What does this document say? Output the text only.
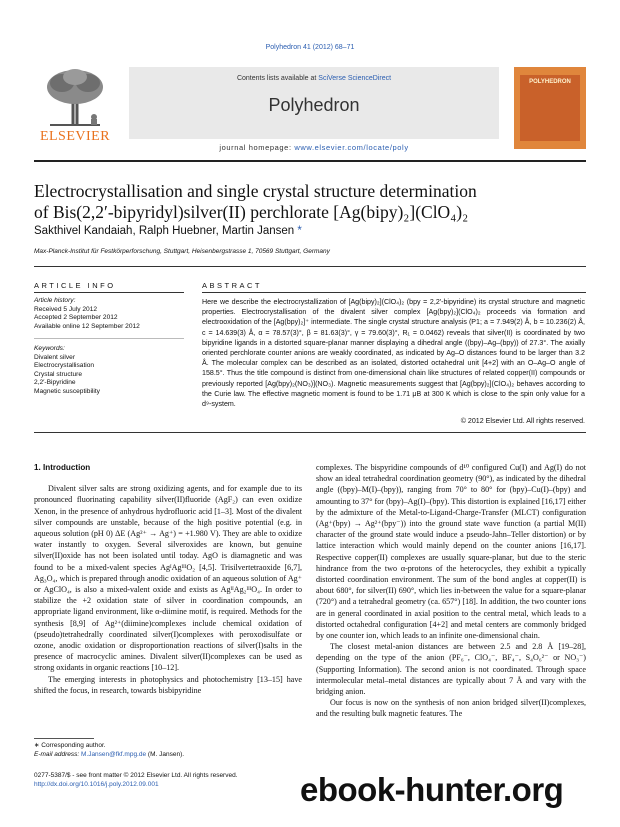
Polyhedron 41 (2012) 68–71
ELSEVIER
Contents lists available at SciVerse ScienceDirect
Polyhedron
journal homepage: www.elsevier.com/locate/poly
POLYHEDRON
Electrocrystallisation and single crystal structure determination
of Bis(2,2′-bipyridyl)silver(II) perchlorate [Ag(bipy)₂](ClO₄)₂
Sakthivel Kandaiah, Ralph Huebner, Martin Jansen *
Max-Planck-Institut für Festkörperforschung, Stuttgart, Heisenbergstrasse 1, 70569 Stuttgart, Germany
ARTICLE INFO
Article history:
Received 5 July 2012
Accepted 2 September 2012
Available online 12 September 2012
Keywords:
Divalent silver
Electrocrystallisation
Crystal structure
2,2′-Bipyridine
Magnetic susceptibility
ABSTRACT
Here we describe the electrocrystallization of [Ag(bipy)₂](ClO₄)₂ (bpy = 2,2′-bipyridine) its crystal structure and magnetic properties. Electrocrystallisation of the divalent silver complex [Ag(bpy)₂](ClO₄)₂ proceeds via formation and electrooxidation of the [Ag(bpy)₂]⁺ intermediate. The single crystal structure analysis (P1; a = 7.949(2) Å, b = 10.236(2) Å, c = 14.639(3) Å, α = 78.57(3)°, β = 81.63(3)°, γ = 79.60(3)°, R₁ = 0.0462) reveals that silver(II) is coordinated by two bipyridine ligands in a distorted square-planar manner displaying a dihedral angle ((bpy)–Ag–(bpy)) of 27.3°. The axially oriented perchlorate counter anions are weakly coordinated, as indicated by Ag–O distances found to be larger than 3.2 Å. The molecular complex can be described as an isolated, distorted octahedral unit [4+2] with an O–Ag–O angle of 158.5°. Thus the title compound is distinct from one-dimensional chain like structures of related copper(II) compounds or previously reported [Ag(bpy)₂(NO₃)](NO₃). Magnetic measurements suggest that [Ag(bpy)₂](ClO₄)₂ behaves according to the Curie law. The effective magnetic moment is found to be 1.71 μB at 300 K which is close to the spin only value for a d⁹-system.
© 2012 Elsevier Ltd. All rights reserved.
1. Introduction

Divalent silver salts are strong oxidizing agents, and for example due to its pronounced fluorinating capability silver(II)fluoride (AgF₂) can even oxidize Xenon, in the presence of anhydrous hydrofluoric acid [1–3]. Most of the divalent silver compounds are unstable, because of the high positive potential (e.g. in aqueous solution (pH 0) ΔE (Ag²⁺ → Ag⁺) = +1.980 V). They are able to oxidize water instantly to oxygen. Several silveroxides are known, but genuine silver(II)oxide has not been isolated until today. AgO is diamagnetic and was found to be a mixed-valent species AgᴵAgᴵᴵᴵO₂ [4,5]. Trisilvertetraoxide [6,7], Ag₃O₄, which is prepared through anodic oxidation of an aqueous solution of Ag⁺ or AgClO₄, is also a mixed-valent oxide and exists as AgᴵᴵAg₂ᴵᴵᴵO₄. In order to stabilize the +2 oxidation state of silver in coordination compounds, an appropriate ligand environment, like α-diimine motif, is required. Methods for the synthesis [8,9] of Ag²⁺(diimine)complexes include chemical oxidation of (pseudo)tetrahedrally coordinated silver(I)complexes with peroxodisulfate or ozone, anodic oxidation or disproportionation reactions of silver(I)salts in the presence of macrocyclic amines. Divalent silver(II)complexes can be used as strong oxidants in organic reactions [10–12].

The emerging interests in photophysics and photochemistry [13–15] have shifted the focus, in research, towards bisbipyridine

complexes. The bispyridine compounds of d¹⁰ configured Cu(I) and Ag(I) do not show an ideal tetrahedral coordination geometry (90°), as indicated by the dihedral angle ((bpy)–M(I)–(bpy)), ranging from 70° to 80° for (bpy)–Cu(I)–(bpy) and amounting to 37° for (bpy)–Ag(I)–(bpy). This distortion is explained [16,17] either by the admixture of the Metal-to-Ligand-Charge-Transfer (MLCT) configuration (Ag⁺(bpy) → Ag²⁺(bpy⁻)) into the ground state wave function (a partial M(II) character of the ground state would induce a pseudo-Jahn–Teller distortion) or by lattice interaction which would mainly depend on the counter anions [16,17]. Respective copper(II) complexes are usually square-planar, but due to the steric hindrance from the two α-protons of the heterocycles, they exhibit a typically distorted coordination environment. The sum of the bond angles at copper(II) is about 680°, for silver(II) 690°, which lies in-between the value for a square-planar (720°) and a tetrahedral geometry (ca. 657°) [18]. In addition, the two counter ions are in general coordinated in axial position to the central metal, which leads to a distorted octahedral configuration [4+2] and metal centers are commonly bridged by one counter ion, which leads to an infinite one-dimensional chain.

The closest metal-anion distances are between 2.5 and 2.8 Å [19–28], depending on the type of the anion (PF₆⁻, ClO₄⁻, BF₄⁻, S₄O₆²⁻ or NO₃⁻) (Supporting Information). The second anion is not coordinated. Through space intermolecular metal–metal distances are typically about 7 Å and vary with the bridging anion.

Our focus is now on the synthesis of non anion bridged silver(II)complexes, and the resulting bulk magnetic features. The

∗ Corresponding author.
E-mail address: M.Jansen@fkf.mpg.de (M. Jansen).
0277-5387/$ - see front matter © 2012 Elsevier Ltd. All rights reserved.
http://dx.doi.org/10.1016/j.poly.2012.09.001	ebook-hunter.org
